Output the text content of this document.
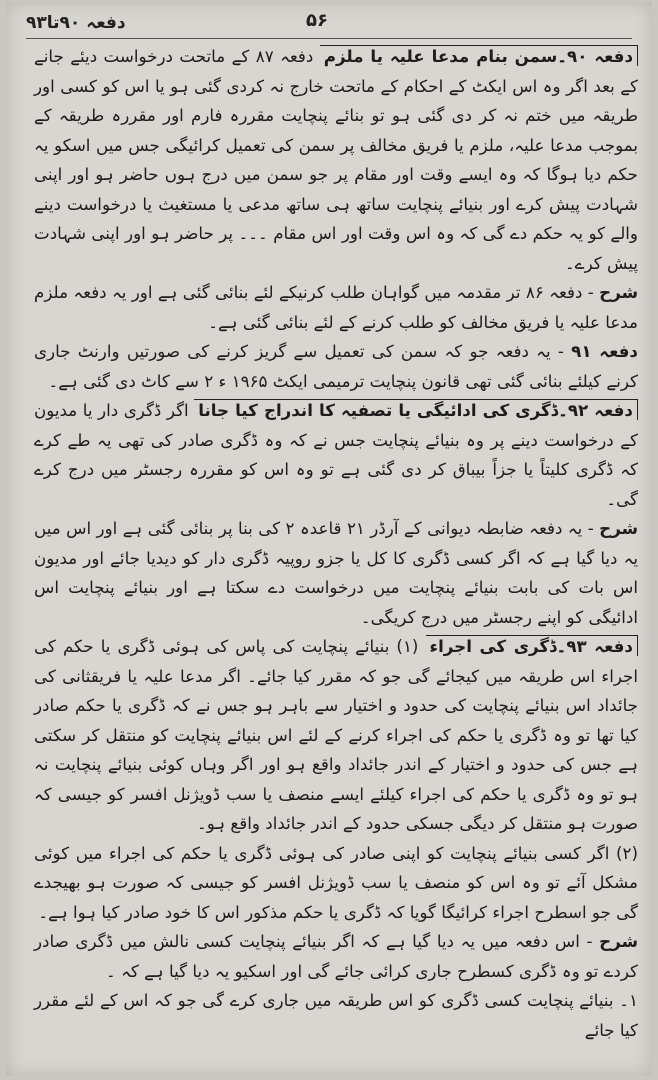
دفعہ ۹۰تا۹۳	۵۶

دفعہ ۹۰۔سمن بنام مدعا علیہ یا ملزم دفعہ ۸۷ کے ماتحت درخواست دیئے جانے کے بعد اگر وہ اس ایکٹ کے احکام کے ماتحت خارج نہ کردی گئی ہو یا اس کو کسی اور طریقہ میں ختم نہ کر دی گئی ہو تو بنائے پنچایت مقررہ فارم اور مقررہ طریقہ کے بموجب مدعا علیہ، ملزم یا فریق مخالف پر سمن کی تعمیل کرائیگی جس میں اسکو یہ حکم دیا ہوگا کہ وہ ایسے وقت اور مقام پر جو سمن میں درج ہوں حاضر ہو اور اپنی شہادت پیش کرے اور بنیائے پنچایت ساتھ ہی ساتھ مدعی یا مستغیث یا درخواست دینے والے کو یہ حکم دے گی کہ وہ اس وقت اور اس مقام ۔۔۔ پر حاضر ہو اور اپنی شہادت پیش کرے۔

شرح - دفعہ ۸۶ تر مقدمہ میں گواہان طلب کرنیکے لئے بنائی گئی ہے اور یہ دفعہ ملزم مدعا علیہ یا فریق مخالف کو طلب کرنے کے لئے بنائی گئی ہے۔

دفعہ ۹۱ - یہ دفعہ جو کہ سمن کی تعمیل سے گریز کرنے کی صورتیں وارنٹ جاری کرنے کیلئے بنائی گئی تھی قانون پنچایت ترمیمی ایکٹ ۱۹۶۵ ء ۲ سے کاٹ دی گئی ہے۔

دفعہ ۹۲۔ڈگری کی ادائیگی یا تصفیہ کا اندراج کیا جانا اگر ڈگری دار یا مدیون کے درخواست دینے پر وہ بنیائے پنچایت جس نے کہ وہ ڈگری صادر کی تھی یہ طے کرے کہ ڈگری کلیتاً یا جزاً بیباق کر دی گئی ہے تو وہ اس کو مقررہ رجسٹر میں درج کرے گی۔

شرح - یہ دفعہ ضابطہ دیوانی کے آرڈر ۲۱ قاعدہ ۲ کی بنا پر بنائی گئی ہے اور اس میں یہ دیا گیا ہے کہ اگر کسی ڈگری کا کل یا جزو روپیہ ڈگری دار کو دیدیا جائے اور مدیون اس بات کی بابت بنیائے پنچایت میں درخواست دے سکتا ہے اور بنیائے پنچایت اس ادائیگی کو اپنے رجسٹر میں درج کریگی۔

دفعہ ۹۳۔ڈگری کی اجراء (۱) بنیائے پنچایت کی پاس کی ہوئی ڈگری یا حکم کی اجراء اس طریقہ میں کیجائے گی جو کہ مقرر کیا جائے۔ اگر مدعا علیہ یا فریقثانی کی جائداد اس بنیائے پنچایت کی حدود و اختیار سے باہر ہو جس نے کہ ڈگری یا حکم صادر کیا تھا تو وہ ڈگری یا حکم کی اجراء کرنے کے لئے اس بنیائے پنچایت کو منتقل کر سکتی ہے جس کی حدود و اختیار کے اندر جائداد واقع ہو اور اگر وہاں کوئی بنیائے پنچایت نہ ہو تو وہ ڈگری یا حکم کی اجراء کیلئے ایسے منصف یا سب ڈویژنل افسر کو جیسی کہ صورت ہو منتقل کر دیگی جسکی حدود کے اندر جائداد واقع ہو۔

(۲) اگر کسی بنیائے پنچایت کو اپنی صادر کی ہوئی ڈگری یا حکم کی اجراء میں کوئی مشکل آئے تو وہ اس کو منصف یا سب ڈویژنل افسر کو جیسی کہ صورت ہو بھیجدے گی جو اسطرح اجراء کرائیگا گویا کہ ڈگری یا حکم مذکور اس کا خود صادر کیا ہوا ہے۔

شرح - اس دفعہ میں یہ دیا گیا ہے کہ اگر بنیائے پنچایت کسی نالش میں ڈگری صادر کردے تو وہ ڈگری کسطرح جاری کرائی جائے گی اور اسکیو یہ دیا گیا ہے کہ ۔

۱۔ بنیائے پنچایت کسی ڈگری کو اس طریقہ میں جاری کرے گی جو کہ اس کے لئے مقرر کیا جائے
